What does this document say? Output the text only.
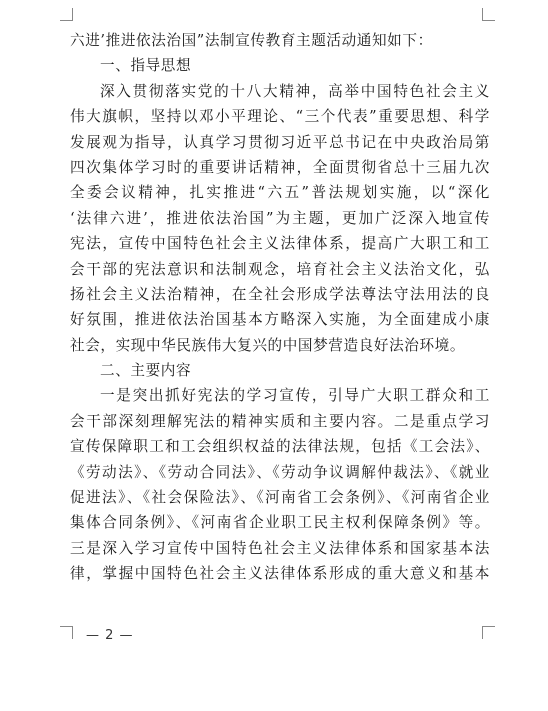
六进’推进依法治国”法制宣传教育主题活动通知如下：
一、指导思想
深入贯彻落实党的十八大精神，高举中国特色社会主义
伟大旗帜，坚持以邓小平理论、“三个代表”重要思想、科学
发展观为指导，认真学习贯彻习近平总书记在中央政治局第
四次集体学习时的重要讲话精神，全面贯彻省总十三届九次
全委会议精神，扎实推进“六五”普法规划实施，以“深化
‘法律六进’，推进依法治国”为主题，更加广泛深入地宣传
宪法，宣传中国特色社会主义法律体系，提高广大职工和工
会干部的宪法意识和法制观念，培育社会主义法治文化，弘
扬社会主义法治精神，在全社会形成学法尊法守法用法的良
好氛围，推进依法治国基本方略深入实施，为全面建成小康
社会，实现中华民族伟大复兴的中国梦营造良好法治环境。
二、主要内容
一是突出抓好宪法的学习宣传，引导广大职工群众和工
会干部深刻理解宪法的精神实质和主要内容。二是重点学习
宣传保障职工和工会组织权益的法律法规，包括《工会法》、
《劳动法》、《劳动合同法》、《劳动争议调解仲裁法》、《就业
促进法》、《社会保险法》、《河南省工会条例》、《河南省企业
集体合同条例》、《河南省企业职工民主权利保障条例》等。
三是深入学习宣传中国特色社会主义法律体系和国家基本法
律，掌握中国特色社会主义法律体系形成的重大意义和基本
— 2 —
